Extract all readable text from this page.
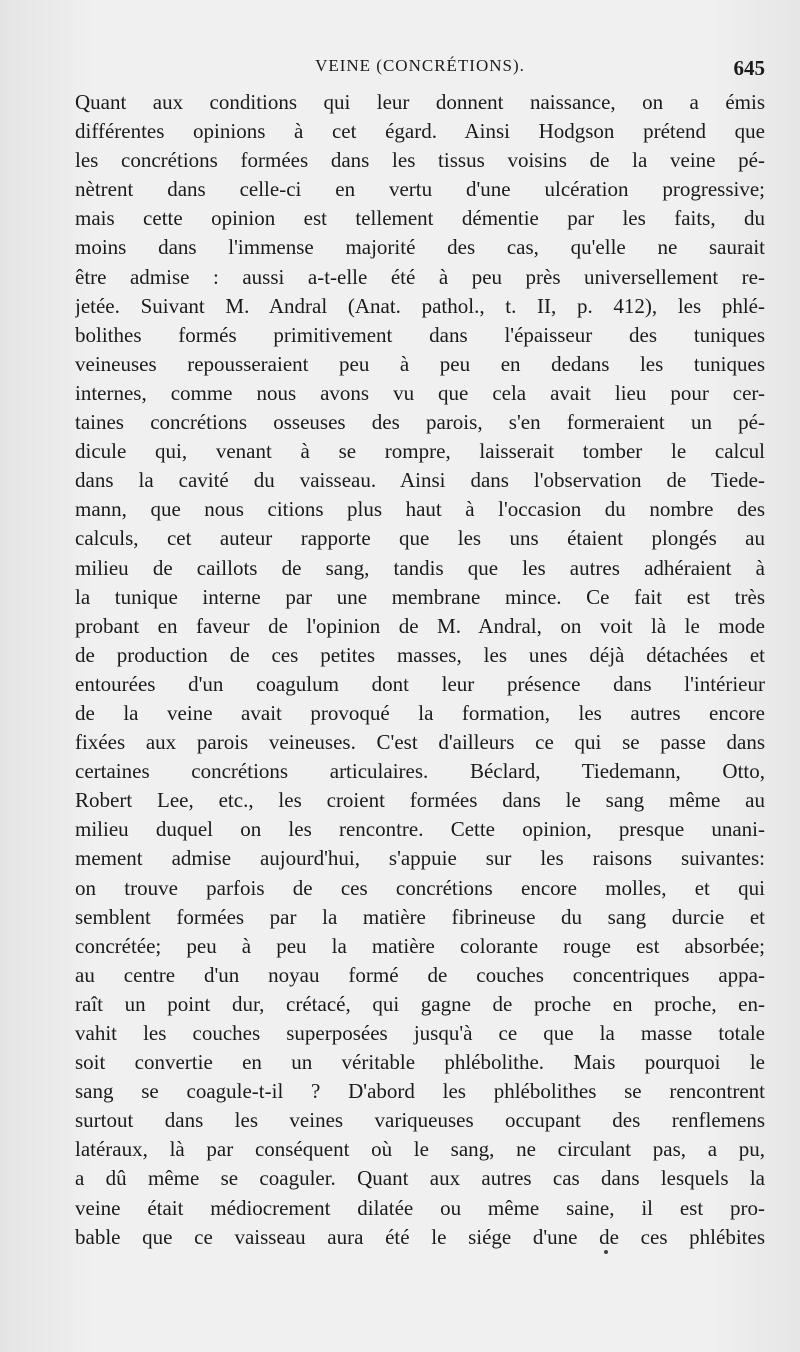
VEINE (CONCRÉTIONS).	645
Quant aux conditions qui leur donnent naissance, on a émis
différentes opinions à cet égard. Ainsi Hodgson prétend que
les concrétions formées dans les tissus voisins de la veine pé-
nètrent dans celle-ci en vertu d'une ulcération progressive;
mais cette opinion est tellement démentie par les faits, du
moins dans l'immense majorité des cas, qu'elle ne saurait
être admise : aussi a-t-elle été à peu près universellement re-
jetée. Suivant M. Andral (Anat. pathol., t. II, p. 412), les phlé-
bolithes formés primitivement dans l'épaisseur des tuniques
veineuses repousseraient peu à peu en dedans les tuniques
internes, comme nous avons vu que cela avait lieu pour cer-
taines concrétions osseuses des parois, s'en formeraient un pé-
dicule qui, venant à se rompre, laisserait tomber le calcul
dans la cavité du vaisseau. Ainsi dans l'observation de Tiede-
mann, que nous citions plus haut à l'occasion du nombre des
calculs, cet auteur rapporte que les uns étaient plongés au
milieu de caillots de sang, tandis que les autres adhéraient à
la tunique interne par une membrane mince. Ce fait est très
probant en faveur de l'opinion de M. Andral, on voit là le mode
de production de ces petites masses, les unes déjà détachées et
entourées d'un coagulum dont leur présence dans l'intérieur
de la veine avait provoqué la formation, les autres encore
fixées aux parois veineuses. C'est d'ailleurs ce qui se passe dans
certaines concrétions articulaires. Béclard, Tiedemann, Otto,
Robert Lee, etc., les croient formées dans le sang même au
milieu duquel on les rencontre. Cette opinion, presque unani-
mement admise aujourd'hui, s'appuie sur les raisons suivantes:
on trouve parfois de ces concrétions encore molles, et qui
semblent formées par la matière fibrineuse du sang durcie et
concrétée; peu à peu la matière colorante rouge est absorbée;
au centre d'un noyau formé de couches concentriques appa-
raît un point dur, crétacé, qui gagne de proche en proche, en-
vahit les couches superposées jusqu'à ce que la masse totale
soit convertie en un véritable phlébolithe. Mais pourquoi le
sang se coagule-t-il ? D'abord les phlébolithes se rencontrent
surtout dans les veines variqueuses occupant des renflemens
latéraux, là par conséquent où le sang, ne circulant pas, a pu,
a dû même se coaguler. Quant aux autres cas dans lesquels la
veine était médiocrement dilatée ou même saine, il est pro-
bable que ce vaisseau aura été le siége d'une de ces phlébites
